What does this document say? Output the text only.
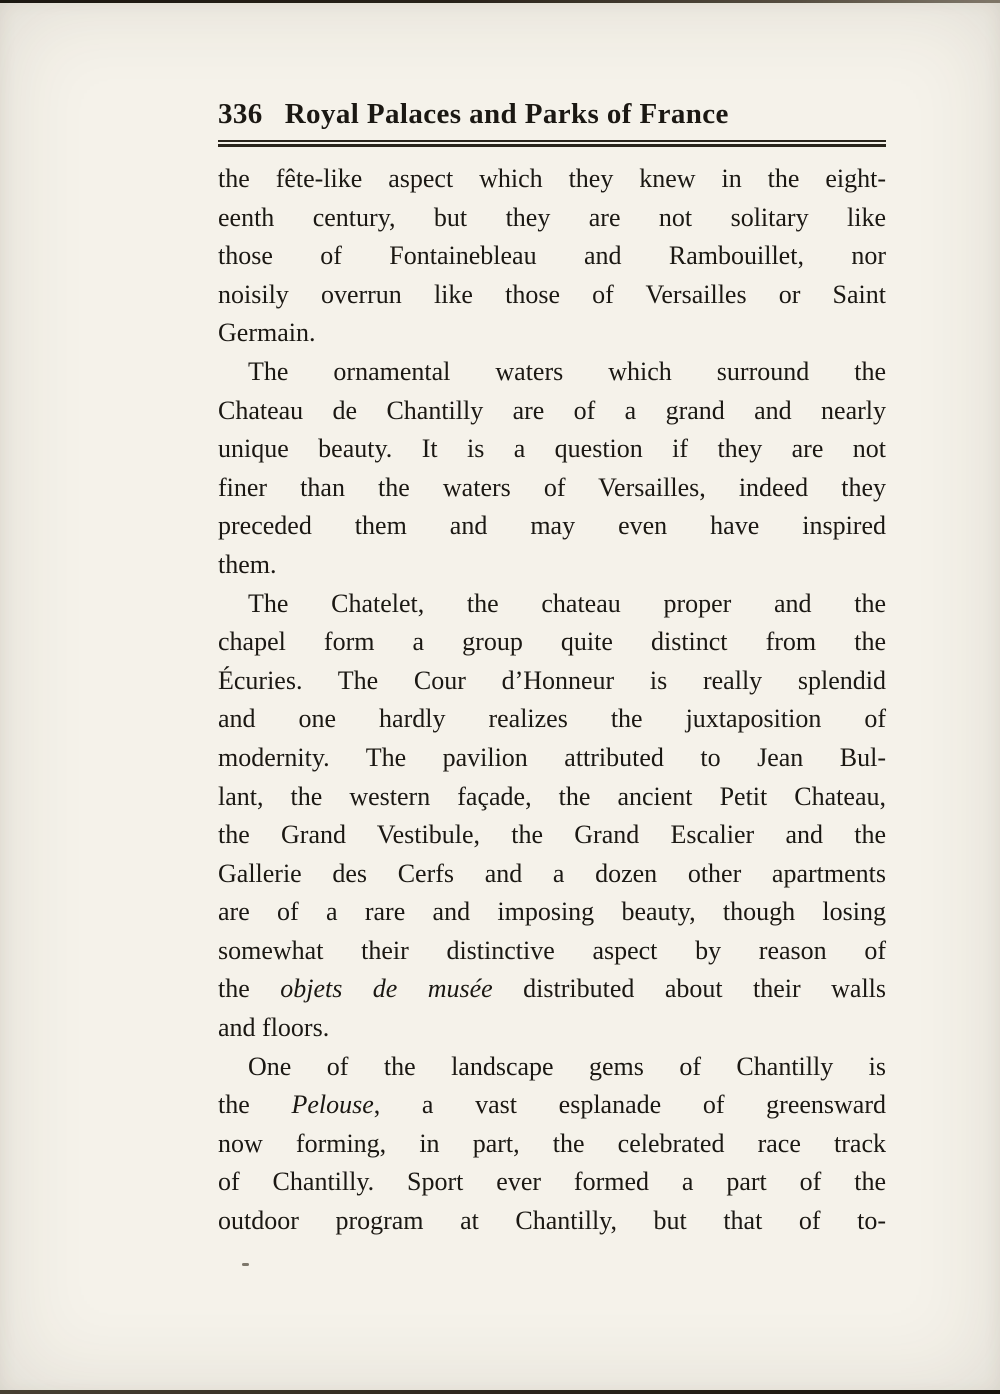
336 Royal Palaces and Parks of France
the fête-like aspect which they knew in the eight-
eenth century, but they are not solitary like
those of Fontainebleau and Rambouillet, nor
noisily overrun like those of Versailles or Saint
Germain.
The ornamental waters which surround the
Chateau de Chantilly are of a grand and nearly
unique beauty. It is a question if they are not
finer than the waters of Versailles, indeed they
preceded them and may even have inspired
them.
The Chatelet, the chateau proper and the
chapel form a group quite distinct from the
Écuries. The Cour d’Honneur is really splendid
and one hardly realizes the juxtaposition of
modernity. The pavilion attributed to Jean Bul-
lant, the western façade, the ancient Petit Chateau,
the Grand Vestibule, the Grand Escalier and the
Gallerie des Cerfs and a dozen other apartments
are of a rare and imposing beauty, though losing
somewhat their distinctive aspect by reason of
the objets de musée distributed about their walls
and floors.
One of the landscape gems of Chantilly is
the Pelouse, a vast esplanade of greensward
now forming, in part, the celebrated race track
of Chantilly. Sport ever formed a part of the
outdoor program at Chantilly, but that of to-
